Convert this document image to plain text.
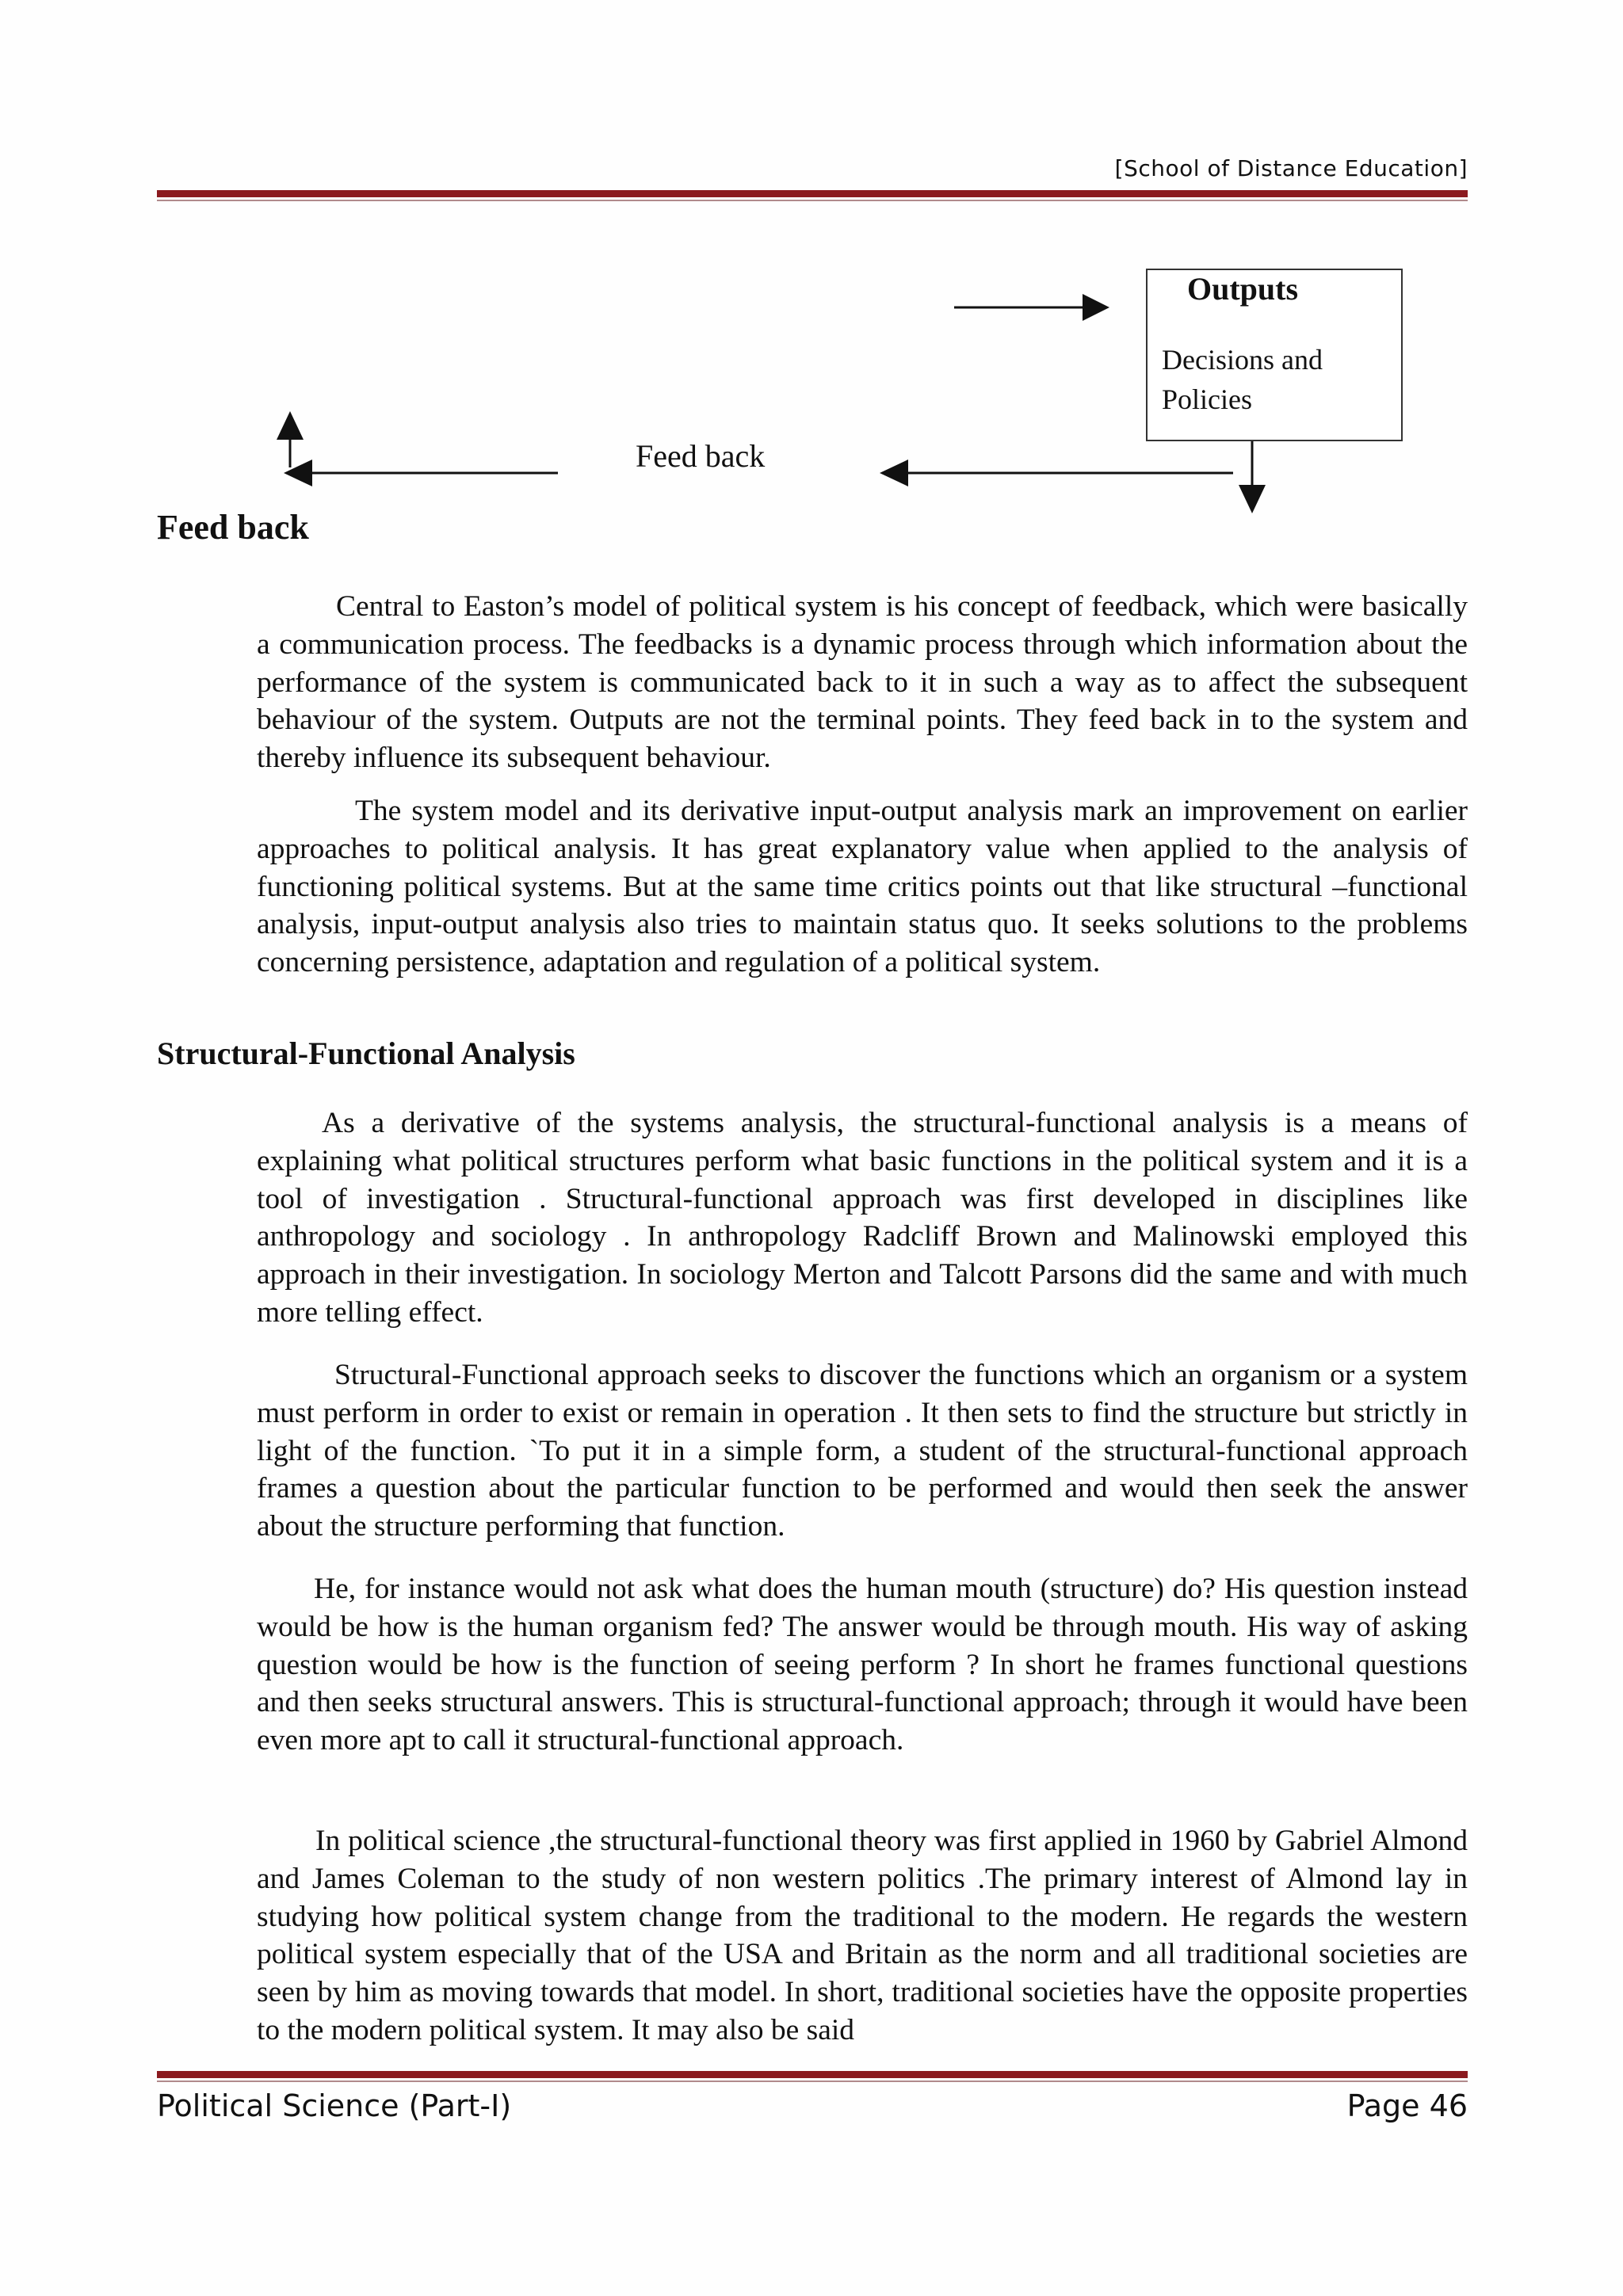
[School of Distance Education]
Outputs
Decisions and Policies
Feed back
Feed back

Central to Easton’s model of political system is his concept of feedback, which were basically a communication process. The feedbacks is a dynamic process through which information about the performance of the system is communicated back to it in such a way as to affect the subsequent behaviour of the system. Outputs are not the terminal points. They feed back in to the system and thereby influence its subsequent behaviour.

The system model and its derivative input-output analysis mark an improvement on earlier approaches to political analysis. It has great explanatory value when applied to the analysis of functioning political systems. But at the same time critics points out that like structural –functional analysis, input-output analysis also tries to maintain status quo. It seeks solutions to the problems concerning persistence, adaptation and regulation of a political system.

Structural-Functional Analysis

As a derivative of the systems analysis, the structural-functional analysis is a means of explaining what political structures perform what basic functions in the political system and it is a tool of investigation . Structural-functional approach was first developed in disciplines like anthropology and sociology . In anthropology Radcliff Brown and Malinowski employed this approach in their investigation. In sociology Merton and Talcott Parsons did the same and with much more telling effect.

Structural-Functional approach seeks to discover the functions which an organism or a system must perform in order to exist or remain in operation . It then sets to find the structure but strictly in light of the function. `To put it in a simple form, a student of the structural-functional approach frames a question about the particular function to be performed and would then seek the answer about the structure performing that function.

He, for instance would not ask what does the human mouth (structure) do? His question instead would be how is the human organism fed? The answer would be through mouth. His way of asking question would be how is the function of seeing perform ? In short he frames functional questions and then seeks structural answers. This is structural-functional approach; through it would have been even more apt to call it structural-functional approach.

In political science ,the structural-functional theory was first applied in 1960 by Gabriel Almond and James Coleman to the study of non western politics .The primary interest of Almond lay in studying how political system change from the traditional to the modern. He regards the western political system especially that of the USA and Britain as the norm and all traditional societies are seen by him as moving towards that model. In short, traditional societies have the opposite properties to the modern political system. It may also be said

Political Science (Part-I)	Page 46
